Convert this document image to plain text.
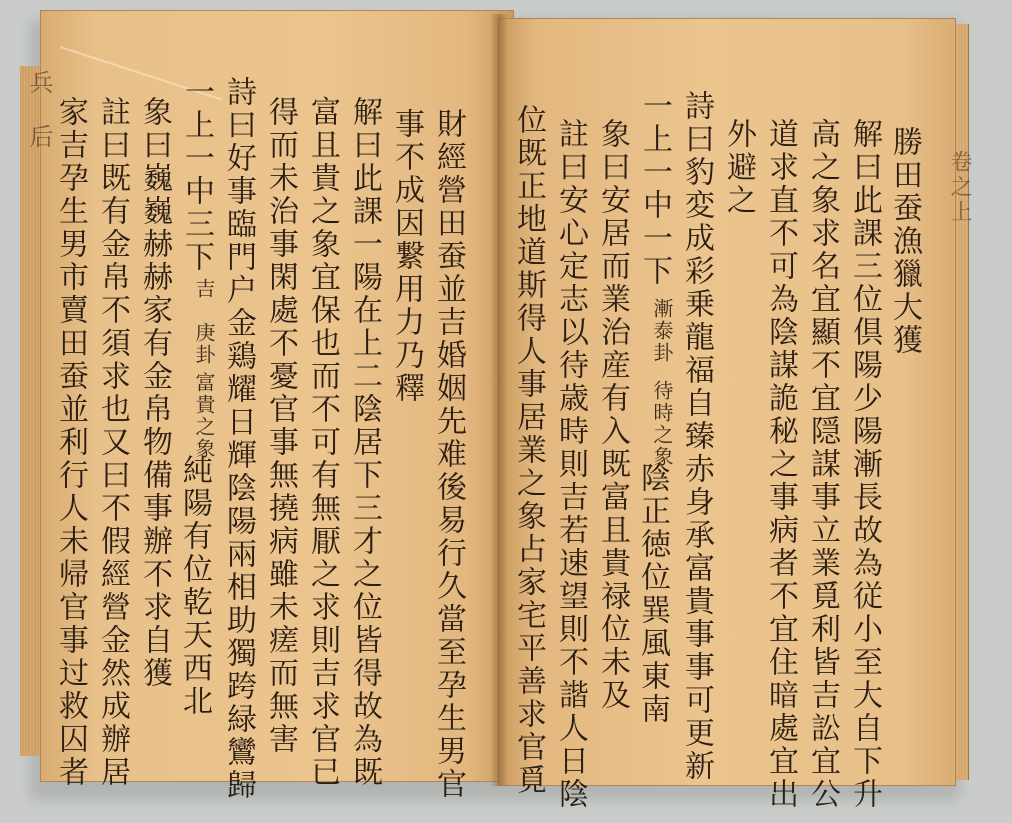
勝田蚕漁獵大獲
解曰此課三位倶陽少陽漸長故為従小至大自下升
高之象求名宜顯不宜隠謀事立業覓利皆吉訟宜公
道求直不可為陰謀詭秘之事病者不宜住暗處宜出
外避之
詩曰豹変成彩乗龍福自臻赤身承富貴事事可更新
一上一中一下
漸泰卦
待時之象
陰正徳位巽風東南
象曰安居而業治産有入既富且貴禄位未及
註曰安心定志以待歳時則吉若速望則不諧人日陰
位既正地道斯得人事居業之象占家宅平善求官覓
財經營田蚕並吉婚姻先难後易行久當至孕生男官
事不成因繋用力乃釋
解曰此課一陽在上二陰居下三才之位皆得故為既
富且貴之象宜保也而不可有無厭之求則吉求官已
得而未治事閑處不憂官事無撓病雖未瘥而無害
詩曰好事臨門户金鶏耀日輝陰陽兩相助獨跨緑鸞歸
一上一中三下
吉　庚卦
富貴之象
純陽有位乾天西北
象曰巍巍赫赫家有金帛物備事辦不求自獲
註曰既有金帛不須求也又曰不假經營金然成辦居
家吉孕生男市賣田蚕並利行人未帰官事过救囚者
兵　后
卷之上
